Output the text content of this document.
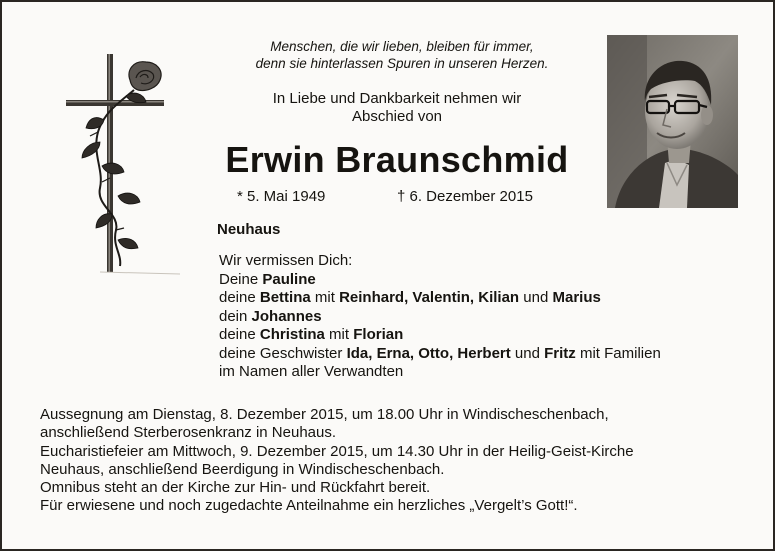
Menschen, die wir lieben, bleiben für immer,
denn sie hinterlassen Spuren in unseren Herzen.
In Liebe und Dankbarkeit nehmen wir
Abschied von
Erwin Braunschmid
* 5. Mai 1949	† 6. Dezember 2015
Neuhaus
Wir vermissen Dich:
Deine Pauline
deine Bettina mit Reinhard, Valentin, Kilian und Marius
dein Johannes
deine Christina mit Florian
deine Geschwister Ida, Erna, Otto, Herbert und Fritz mit Familien
im Namen aller Verwandten
Aussegnung am Dienstag, 8. Dezember 2015, um 18.00 Uhr in Windischeschenbach,
anschließend Sterberosenkranz in Neuhaus.
Eucharistiefeier am Mittwoch, 9. Dezember 2015, um 14.30 Uhr in der Heilig-Geist-Kirche
Neuhaus, anschließend Beerdigung in Windischeschenbach.
Omnibus steht an der Kirche zur Hin- und Rückfahrt bereit.
Für erwiesene und noch zugedachte Anteilnahme ein herzliches „Vergelt’s Gott!“.
